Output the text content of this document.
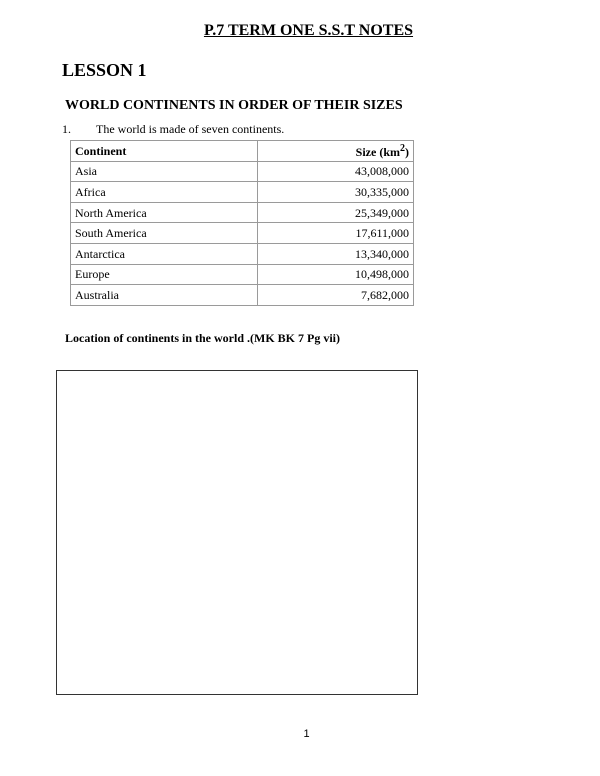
P.7 TERM ONE S.S.T NOTES
LESSON 1
WORLD CONTINENTS IN ORDER OF THEIR SIZES
1. The world is made of seven continents.
Continent	Size $(km^2)$
Asia	43,008,000
Africa	30,335,000
North America	25,349,000
South America	17,611,000
Antarctica	13,340,000
Europe	10,498,000
Australia	7,682,000
Location of continents in the world .(MK BK 7 Pg vii)
1
